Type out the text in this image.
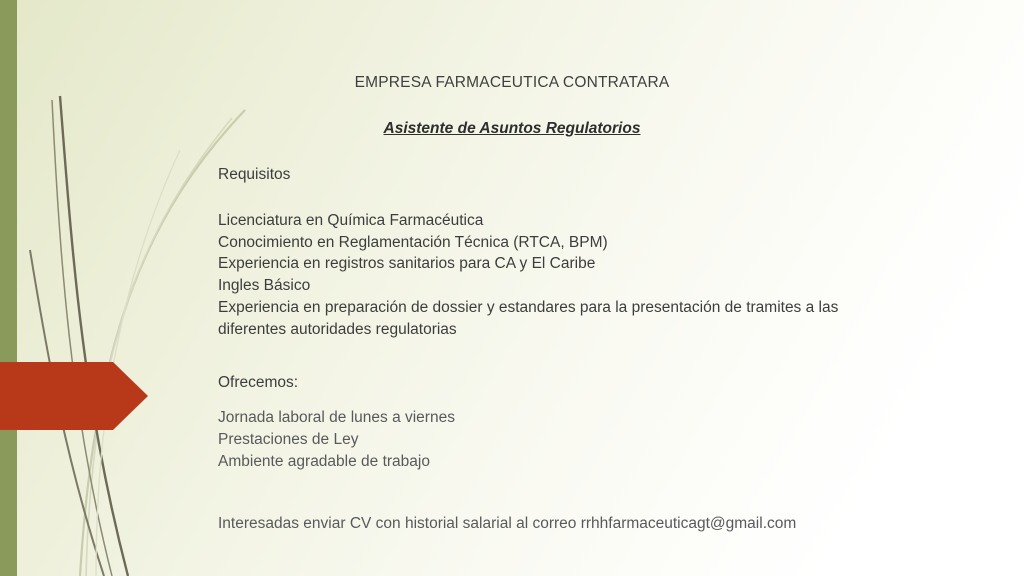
EMPRESA FARMACEUTICA CONTRATARA
Asistente de Asuntos Regulatorios

Requisitos

Licenciatura en Química Farmacéutica
Conocimiento en Reglamentación Técnica (RTCA, BPM)
Experiencia en registros sanitarios para CA y El Caribe
Ingles Básico
Experiencia en preparación de dossier y estandares para la presentación de tramites a las diferentes autoridades regulatorias

Ofrecemos:

Jornada laboral de lunes a viernes
Prestaciones de Ley
Ambiente agradable de trabajo

Interesadas enviar CV con historial salarial al correo rrhhfarmaceuticagt@gmail.com
